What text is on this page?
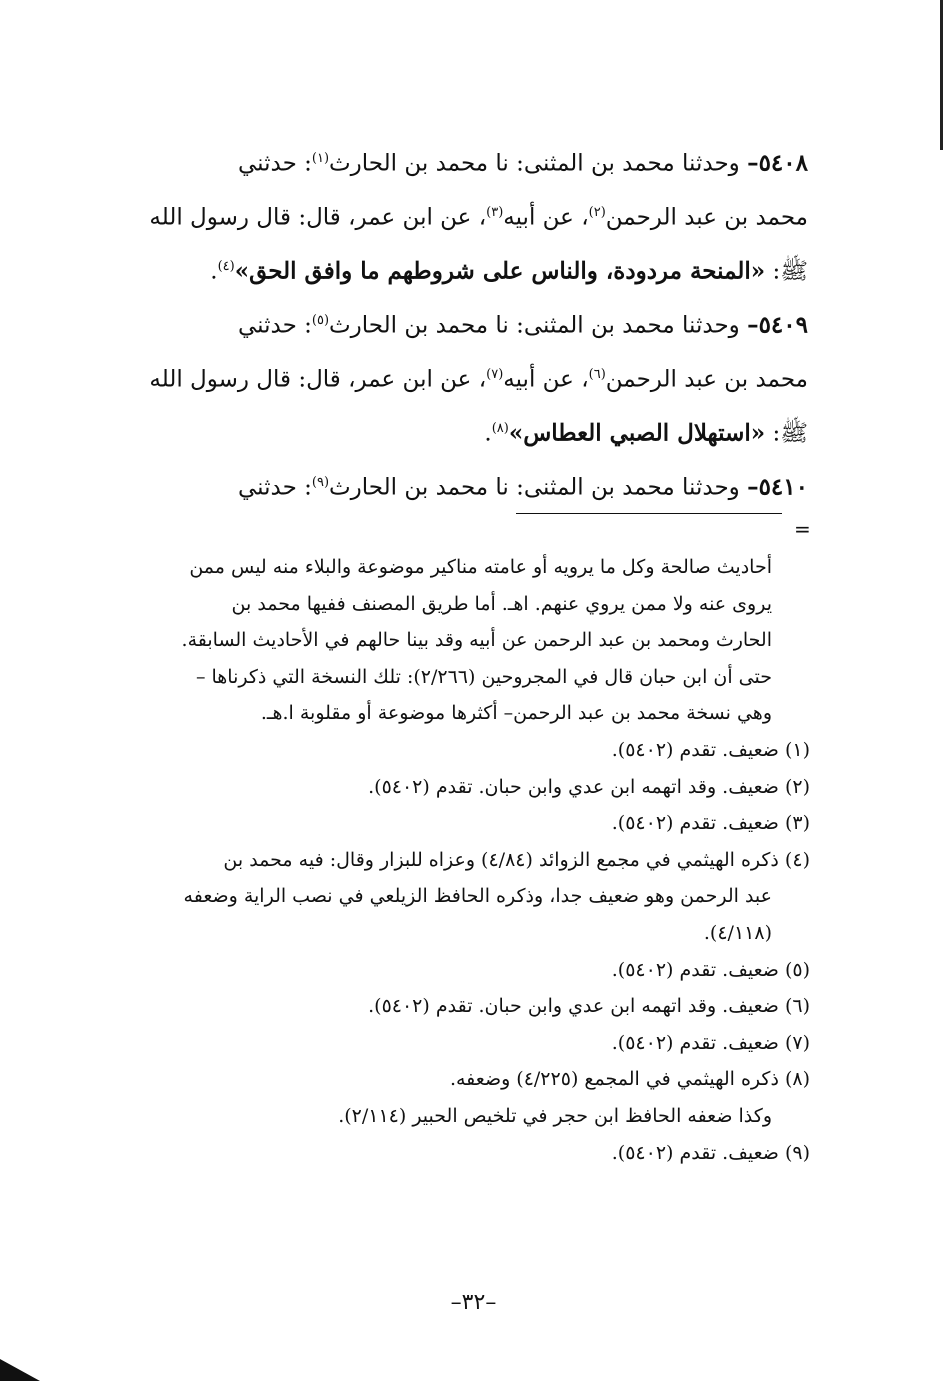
٥٤٠٨– وحدثنا محمد بن المثنى: نا محمد بن الحارث$^{(١)}$: حدثني
محمد بن عبد الرحمن$^{(٢)}$، عن أبيه$^{(٣)}$، عن ابن عمر، قال: قال رسول الله
ﷺ: «المنحة مردودة، والناس على شروطهم ما وافق الحق»$^{(٤)}$.
٥٤٠٩– وحدثنا محمد بن المثنى: نا محمد بن الحارث$^{(٥)}$: حدثني
محمد بن عبد الرحمن$^{(٦)}$، عن أبيه$^{(٧)}$، عن ابن عمر، قال: قال رسول الله
ﷺ: «استهلال الصبي العطاس»$^{(٨)}$.
٥٤١٠– وحدثنا محمد بن المثنى: نا محمد بن الحارث$^{(٩)}$: حدثني
=
أحاديث صالحة وكل ما يرويه أو عامته مناكير موضوعة والبلاء منه ليس ممن
يروى عنه ولا ممن يروي عنهم. اهـ. أما طريق المصنف ففيها محمد بن
الحارث ومحمد بن عبد الرحمن عن أبيه وقد بينا حالهم في الأحاديث السابقة.
حتى أن ابن حبان قال في المجروحين (٢/٢٦٦): تلك النسخة التي ذكرناها –
وهي نسخة محمد بن عبد الرحمن– أكثرها موضوعة أو مقلوبة ا.هـ.
(١) ضعيف. تقدم (٥٤٠٢).
(٢) ضعيف. وقد اتهمه ابن عدي وابن حبان. تقدم (٥٤٠٢).
(٣) ضعيف. تقدم (٥٤٠٢).
(٤) ذكره الهيثمي في مجمع الزوائد (٤/٨٤) وعزاه للبزار وقال: فيه محمد بن
عبد الرحمن وهو ضعيف جدا، وذكره الحافظ الزيلعي في نصب الراية وضعفه
(٤/١١٨).
(٥) ضعيف. تقدم (٥٤٠٢).
(٦) ضعيف. وقد اتهمه ابن عدي وابن حبان. تقدم (٥٤٠٢).
(٧) ضعيف. تقدم (٥٤٠٢).
(٨) ذكره الهيثمي في المجمع (٤/٢٢٥) وضعفه.
وكذا ضعفه الحافظ ابن حجر في تلخيص الحبير (٢/١١٤).
(٩) ضعيف. تقدم (٥٤٠٢).
–٣٢–
